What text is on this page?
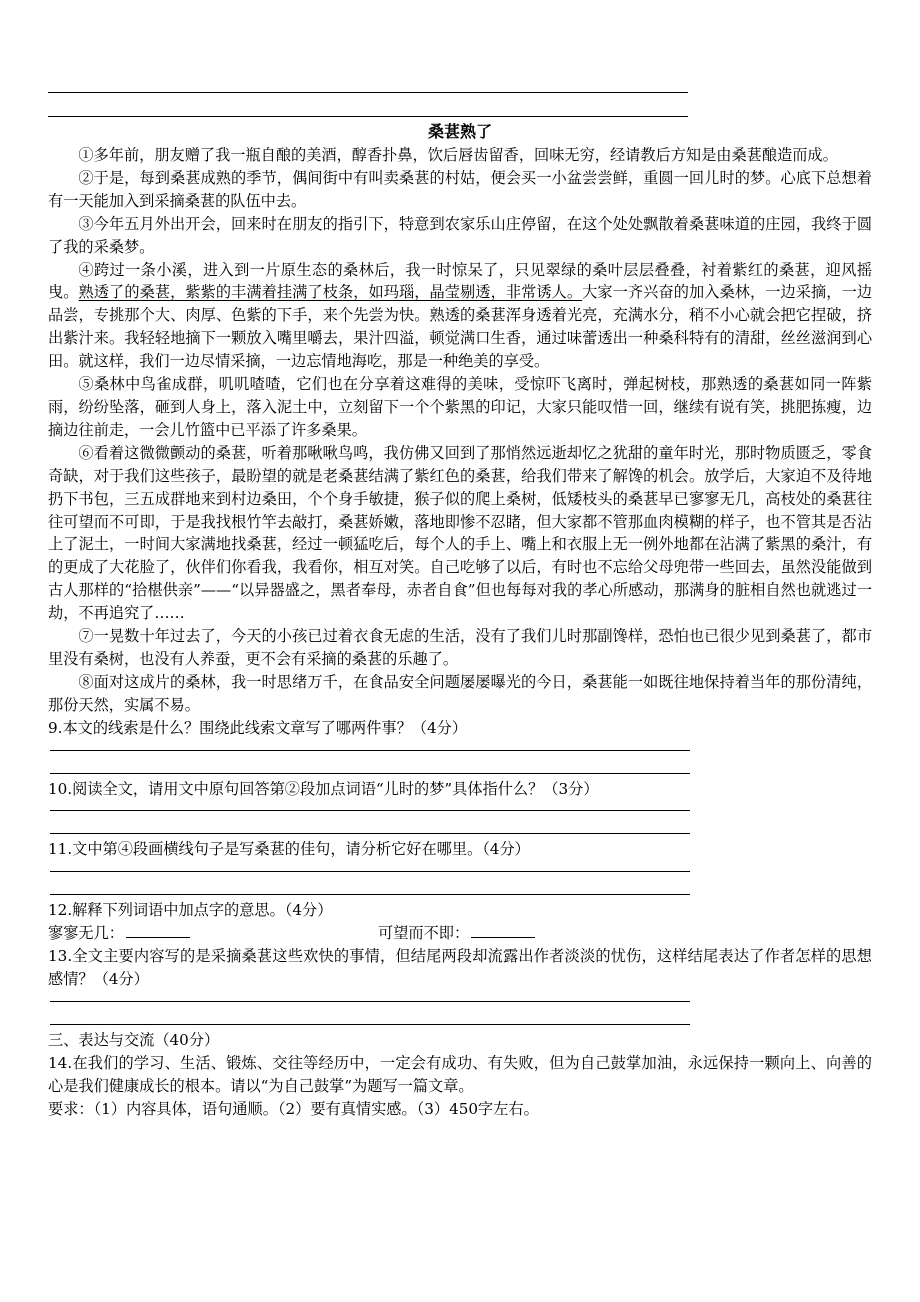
桑葚熟了

①多年前，朋友赠了我一瓶自酿的美酒，醇香扑鼻，饮后唇齿留香，回味无穷，经请教后方知是由桑葚酿造而成。

②于是，每到桑葚成熟的季节，偶间街中有叫卖桑葚的村姑，便会买一小盆尝尝鲜，重圆一回儿时的梦。心底下总想着有一天能加入到采摘桑葚的队伍中去。

③今年五月外出开会，回来时在朋友的指引下，特意到农家乐山庄停留，在这个处处飘散着桑葚味道的庄园，我终于圆了我的采桑梦。

④跨过一条小溪，进入到一片原生态的桑林后，我一时惊呆了，只见翠绿的桑叶层层叠叠，衬着紫红的桑葚，迎风摇曳。熟透了的桑葚，紫紫的丰满着挂满了枝条，如玛瑙，晶莹剔透，非常诱人。大家一齐兴奋的加入桑林，一边采摘，一边品尝，专挑那个大、肉厚、色紫的下手，来个先尝为快。熟透的桑葚浑身透着光亮，充满水分，稍不小心就会把它捏破，挤出紫汁来。我轻轻地摘下一颗放入嘴里嚼去，果汁四溢，顿觉满口生香，通过味蕾透出一种桑科特有的清甜，丝丝滋润到心田。就这样，我们一边尽情采摘，一边忘情地海吃，那是一种绝美的享受。

⑤桑林中鸟雀成群，叽叽喳喳，它们也在分享着这难得的美味，受惊吓飞离时，弹起树枝，那熟透的桑葚如同一阵紫雨，纷纷坠落，砸到人身上，落入泥土中，立刻留下一个个紫黑的印记，大家只能叹惜一回，继续有说有笑，挑肥拣瘦，边摘边往前走，一会儿竹篮中已平添了许多桑果。

⑥看着这微微颤动的桑葚，听着那啾啾鸟鸣，我仿佛又回到了那悄然远逝却忆之犹甜的童年时光，那时物质匮乏，零食奇缺，对于我们这些孩子，最盼望的就是老桑葚结满了紫红色的桑葚，给我们带来了解馋的机会。放学后，大家迫不及待地扔下书包，三五成群地来到村边桑田，个个身手敏捷，猴子似的爬上桑树，低矮枝头的桑葚早已寥寥无几，高枝处的桑葚往往可望而不可即，于是我找根竹竿去敲打，桑葚娇嫩，落地即惨不忍睹，但大家都不管那血肉模糊的样子，也不管其是否沾上了泥土，一时间大家满地找桑葚，经过一顿猛吃后，每个人的手上、嘴上和衣服上无一例外地都在沾满了紫黑的桑汁，有的更成了大花脸了，伙伴们你看我，我看你，相互对笑。自己吃够了以后，有时也不忘给父母兜带一些回去，虽然没能做到古人那样的“拾椹供亲”——“以异器盛之，黑者奉母，赤者自食”但也每每对我的孝心所感动，那满身的脏相自然也就逃过一劫，不再追究了……

⑦一晃数十年过去了，今天的小孩已过着衣食无虑的生活，没有了我们儿时那副馋样，恐怕也已很少见到桑葚了，都市里没有桑树，也没有人养蚕，更不会有采摘的桑葚的乐趣了。

⑧面对这成片的桑林，我一时思绪万千，在食品安全问题屡屡曝光的今日，桑葚能一如既往地保持着当年的那份清纯，那份天然，实属不易。

9.本文的线索是什么？围绕此线索文章写了哪两件事？（4分）

10.阅读全文，请用文中原句回答第②段加点词语“儿时的梦”具体指什么？（3分）

11.文中第④段画横线句子是写桑葚的佳句，请分析它好在哪里。（4分）

12.解释下列词语中加点字的意思。（4分）

寥寥无几：	可望而不即：

13.全文主要内容写的是采摘桑葚这些欢快的事情，但结尾两段却流露出作者淡淡的忧伤，这样结尾表达了作者怎样的思想感情？（4分）

三、表达与交流（40分）

14.在我们的学习、生活、锻炼、交往等经历中，一定会有成功、有失败，但为自己鼓掌加油，永远保持一颗向上、向善的心是我们健康成长的根本。请以“为自己鼓掌”为题写一篇文章。

要求：（1）内容具体，语句通顺。（2）要有真情实感。（3）450字左右。
